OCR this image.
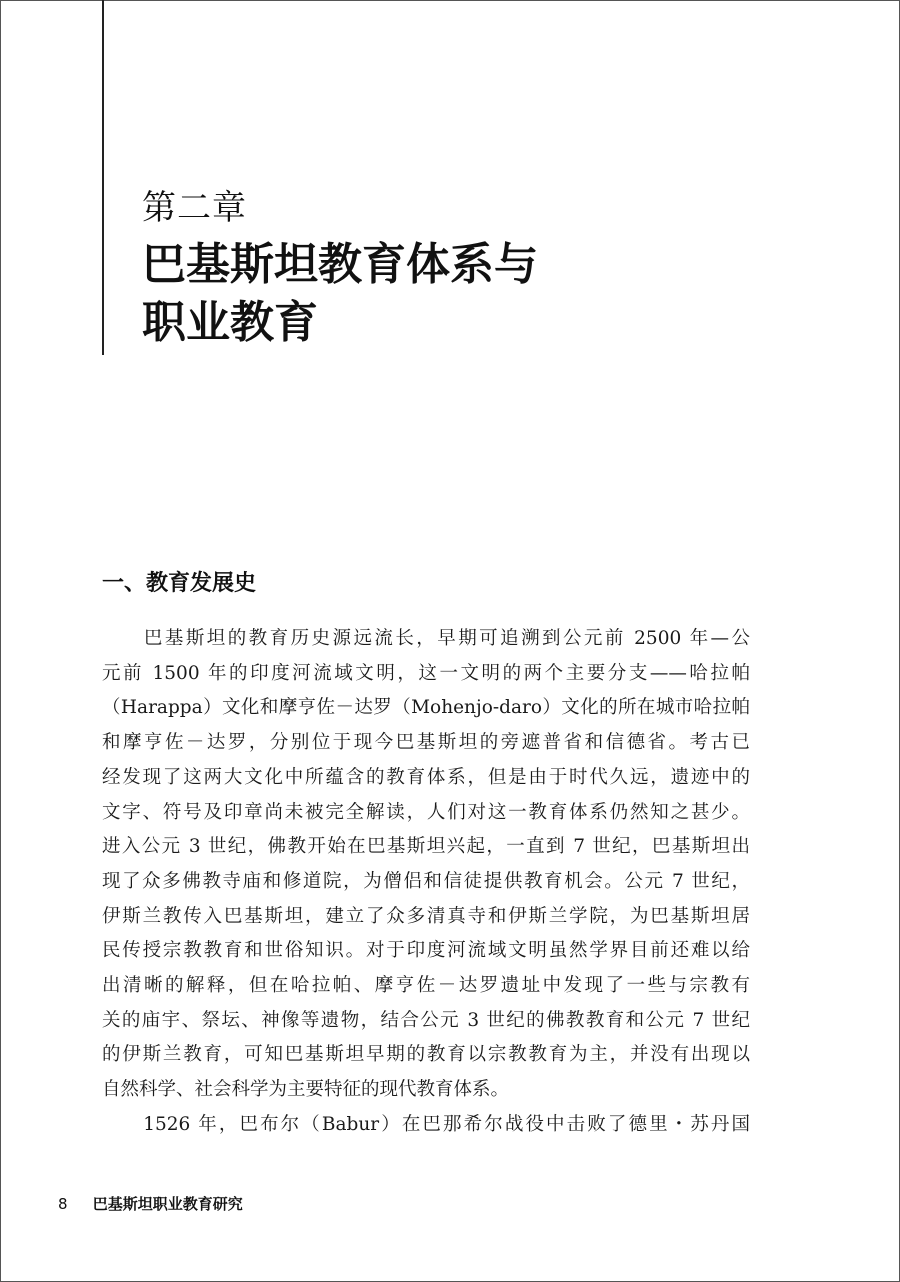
第二章
巴基斯坦教育体系与
职业教育
一、教育发展史
　　巴基斯坦的教育历史源远流长，早期可追溯到公元前 2500 年—公
元前 1500 年的印度河流域文明，这一文明的两个主要分支——哈拉帕
（Harappa）文化和摩亨佐－达罗（Mohenjo-daro）文化的所在城市哈拉帕
和摩亨佐－达罗，分别位于现今巴基斯坦的旁遮普省和信德省。考古已
经发现了这两大文化中所蕴含的教育体系，但是由于时代久远，遗迹中的
文字、符号及印章尚未被完全解读，人们对这一教育体系仍然知之甚少。
进入公元 3 世纪，佛教开始在巴基斯坦兴起，一直到 7 世纪，巴基斯坦出
现了众多佛教寺庙和修道院，为僧侣和信徒提供教育机会。公元 7 世纪，
伊斯兰教传入巴基斯坦，建立了众多清真寺和伊斯兰学院，为巴基斯坦居
民传授宗教教育和世俗知识。对于印度河流域文明虽然学界目前还难以给
出清晰的解释，但在哈拉帕、摩亨佐－达罗遗址中发现了一些与宗教有
关的庙宇、祭坛、神像等遗物，结合公元 3 世纪的佛教教育和公元 7 世纪
的伊斯兰教育，可知巴基斯坦早期的教育以宗教教育为主，并没有出现以
自然科学、社会科学为主要特征的现代教育体系。
　　1526 年，巴布尔（Babur）在巴那希尔战役中击败了德里・苏丹国
8 巴基斯坦职业教育研究
